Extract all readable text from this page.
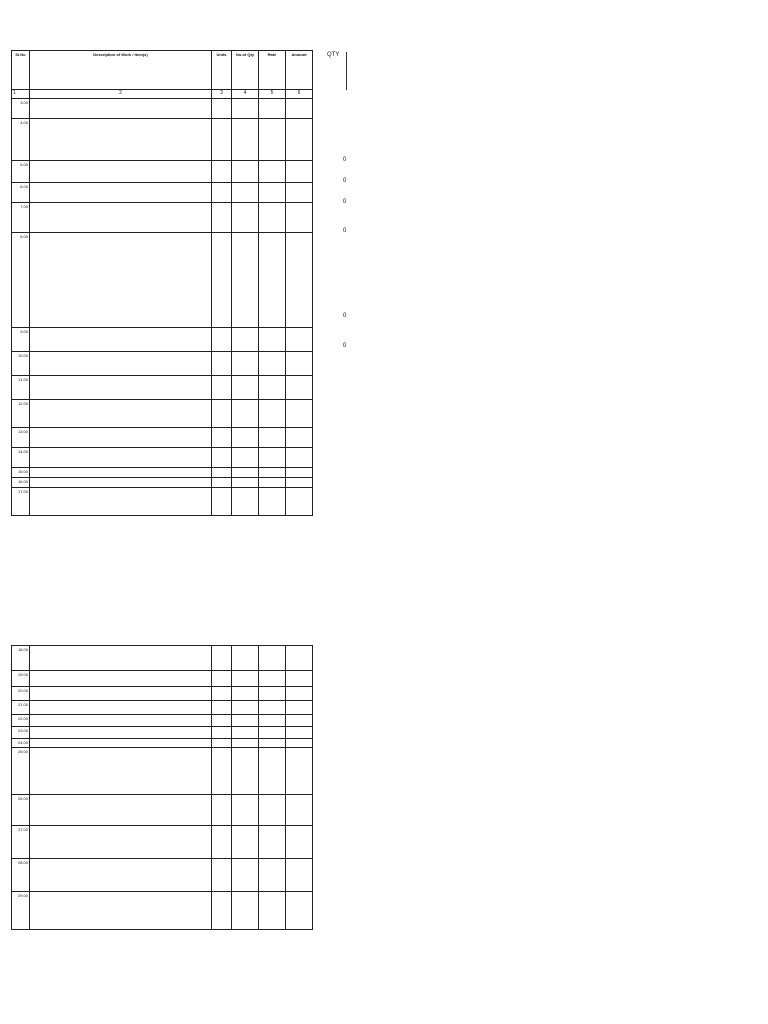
Sl.No	Description of Work / Item(s)	Units	No.of Qty	Rate	Amount
1	2	3	4	5	6
3.00					
4.00					
5.00					
6.00					
7.00					
8.00					
9.00					
10.00					
11.00					
12.00					
13.00					
14.00					
15.00					
16.00					
17.00					
QTY
0
0
0
0
0
0
18.00					
19.00					
20.00					
21.00					
22.00					
23.00					
24.00					
25.00					
26.00					
27.00					
28.00					
29.00					
